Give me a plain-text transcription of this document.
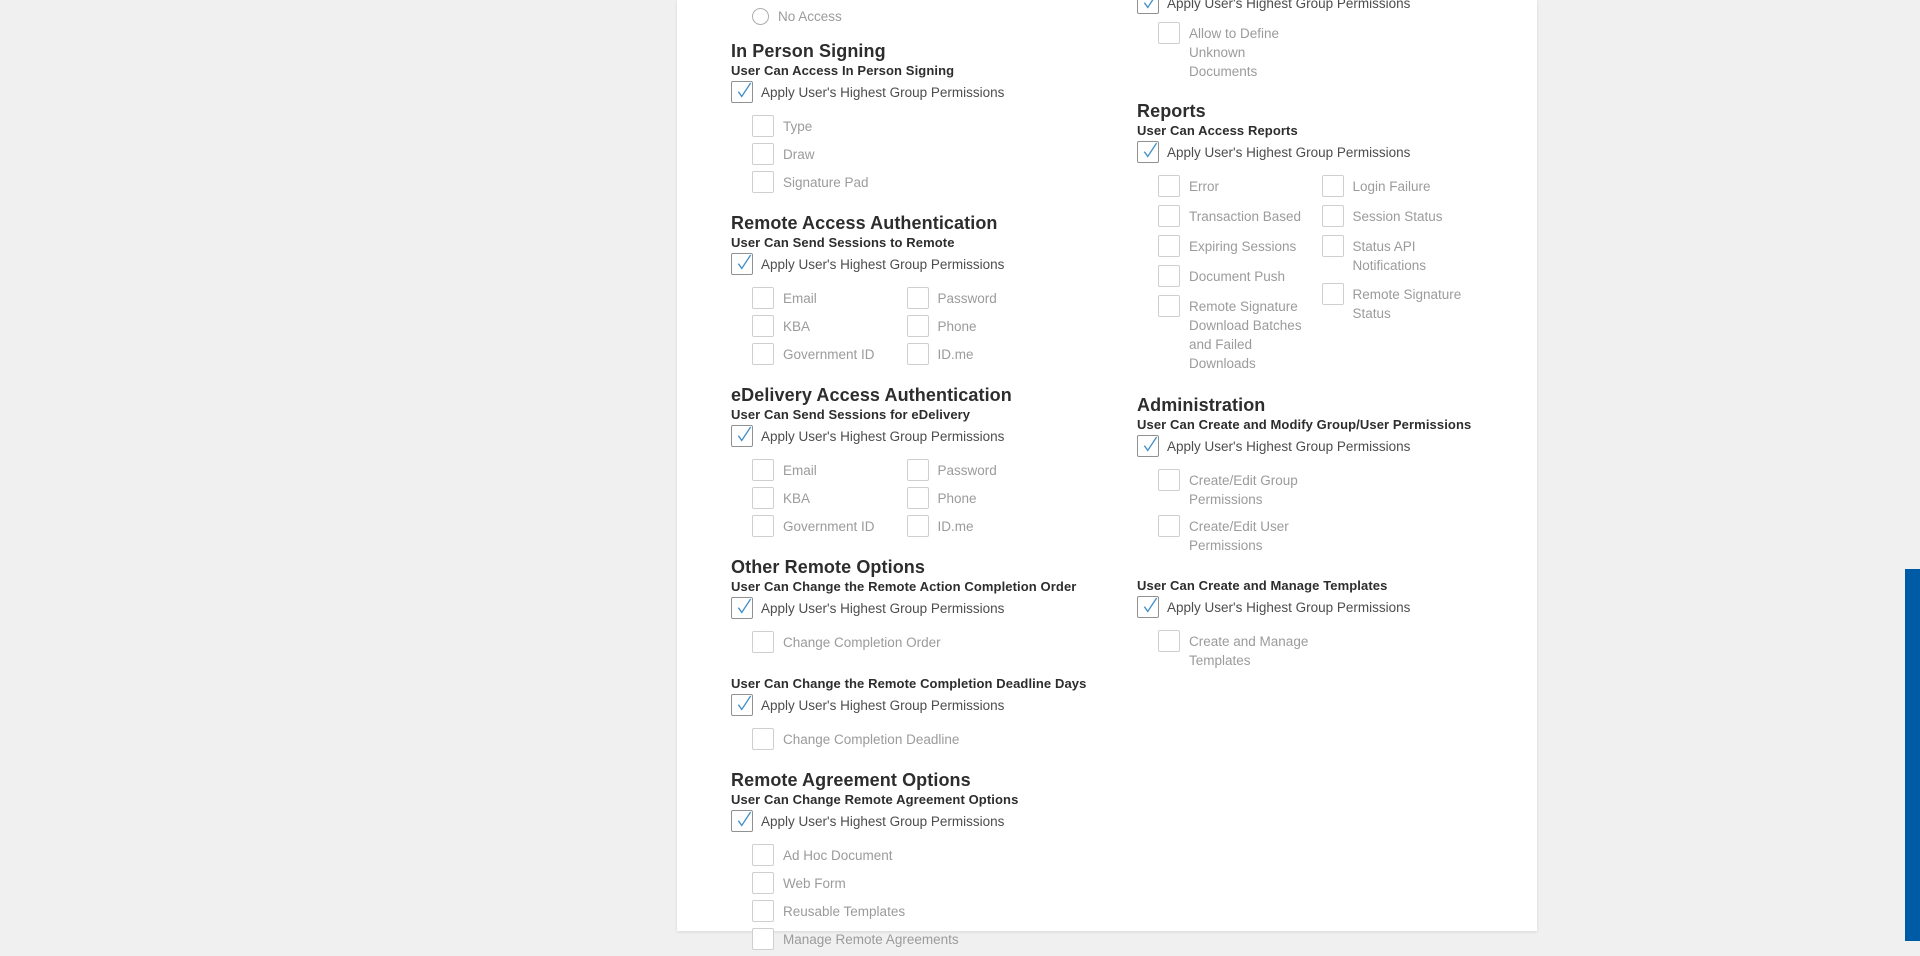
No Access
In Person Signing
User Can Access In Person Signing
Apply User's Highest Group Permissions
Type
Draw
Signature Pad
Remote Access Authentication
User Can Send Sessions to Remote
Apply User's Highest Group Permissions
Email
KBA
Government ID
Password
Phone
ID.me
eDelivery Access Authentication
User Can Send Sessions for eDelivery
Apply User's Highest Group Permissions
Email
KBA
Government ID
Password
Phone
ID.me
Other Remote Options
User Can Change the Remote Action Completion Order
Apply User's Highest Group Permissions
Change Completion Order
User Can Change the Remote Completion Deadline Days
Apply User's Highest Group Permissions
Change Completion Deadline
Remote Agreement Options
User Can Change Remote Agreement Options
Apply User's Highest Group Permissions
Ad Hoc Document
Web Form
Reusable Templates
Manage Remote Agreements
Apply User's Highest Group Permissions
Allow to Define Unknown Documents
Reports
User Can Access Reports
Apply User's Highest Group Permissions
Error
Transaction Based
Expiring Sessions
Document Push
Remote Signature Download Batches and Failed Downloads
Login Failure
Session Status
Status API Notifications
Remote Signature Status
Administration
User Can Create and Modify Group/User Permissions
Apply User's Highest Group Permissions
Create/Edit Group Permissions
Create/Edit User Permissions
User Can Create and Manage Templates
Apply User's Highest Group Permissions
Create and Manage Templates
